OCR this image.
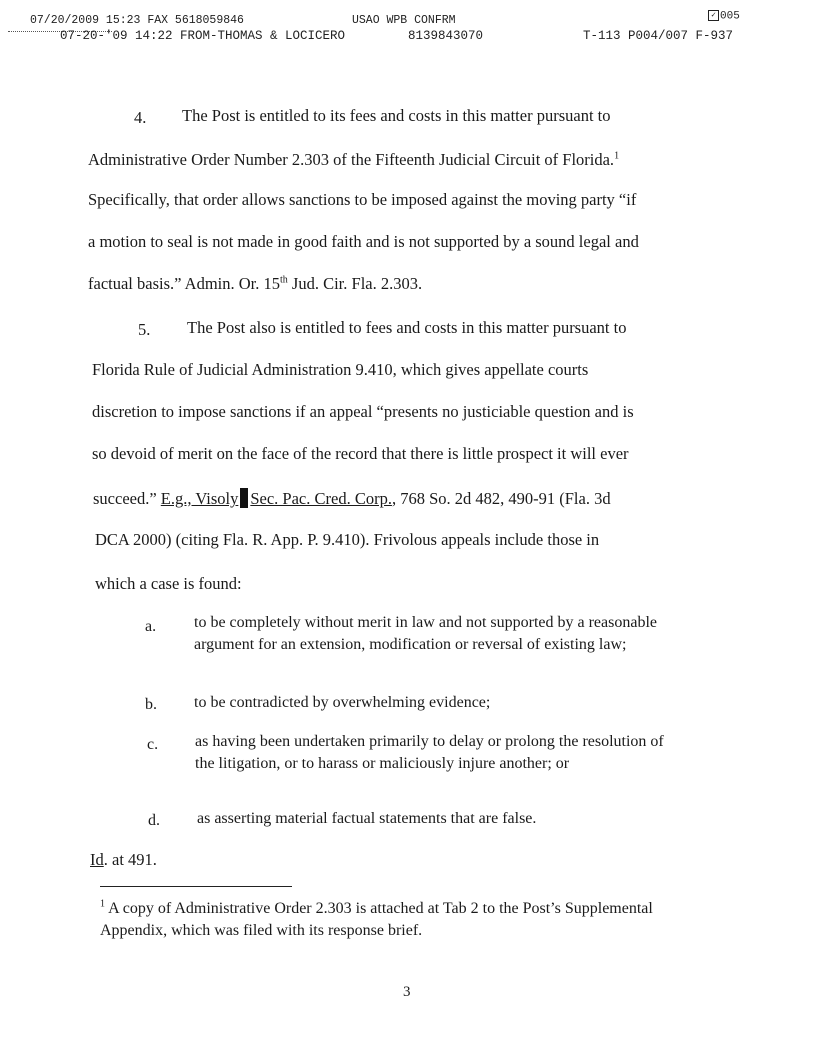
07/20/2009 15:23 FAX 5618059846	USAO WPB CONFRM
07-20-'09 14:22 FROM-THOMAS & LOCICERO	8139843070	T-113 P004/007 F-937
✓ 005
4. The Post is entitled to its fees and costs in this matter pursuant to
Administrative Order Number 2.303 of the Fifteenth Judicial Circuit of Florida.$^1$
Specifically, that order allows sanctions to be imposed against the moving party “if
a motion to seal is not made in good faith and is not supported by a sound legal and
factual basis.” Admin. Or. 15th Jud. Cir. Fla. 2.303.
5. The Post also is entitled to fees and costs in this matter pursuant to
Florida Rule of Judicial Administration 9.410, which gives appellate courts
discretion to impose sanctions if an appeal “presents no justiciable question and is
so devoid of merit on the face of the record that there is little prospect it will ever
succeed.” E.g., Visoly Sec. Pac. Cred. Corp., 768 So. 2d 482, 490-91 (Fla. 3d
DCA 2000) (citing Fla. R. App. P. 9.410). Frivolous appeals include those in
which a case is found:
a. to be completely without merit in law and not supported by a reasonable argument for an extension, modification or reversal of existing law;
b. to be contradicted by overwhelming evidence;
c. as having been undertaken primarily to delay or prolong the resolution of the litigation, or to harass or maliciously injure another; or
d. as asserting material factual statements that are false.
Id. at 491.
$^1$ A copy of Administrative Order 2.303 is attached at Tab 2 to the Post’s Supplemental Appendix, which was filed with its response brief.
3
